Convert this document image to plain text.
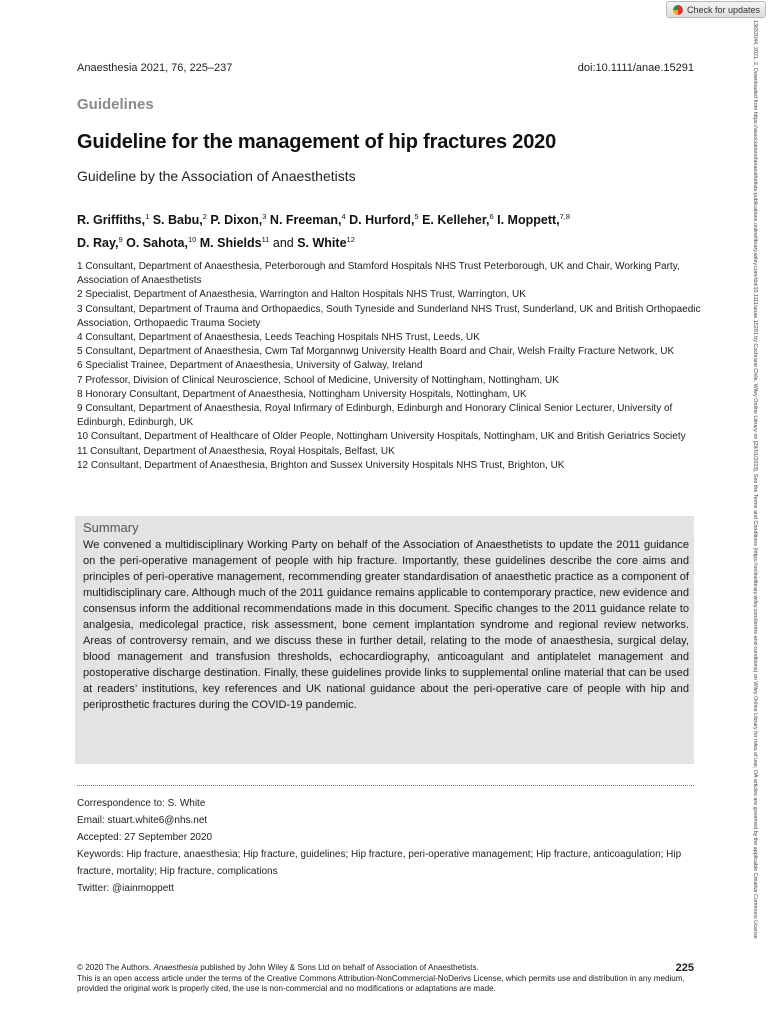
Check for updates
13652044, 2021, 2, Downloaded from https://associationofanaesthetists-publications.onlinelibrary.wiley.com/doi/10.1111/anae.15291 by Cochrane Chile, Wiley Online Library on [29/01/2023]. See the Terms and Conditions (https://onlinelibrary.wiley.com/terms-and-conditions) on Wiley Online Library for rules of use; OA articles are governed by the applicable Creative Commons License
Anaesthesia 2021, 76, 225–237	doi:10.1111/anae.15291
Guidelines
Guideline for the management of hip fractures 2020
Guideline by the Association of Anaesthetists
R. Griffiths,$^1$ S. Babu,$^2$ P. Dixon,$^3$ N. Freeman,$^4$ D. Hurford,$^5$ E. Kelleher,$^6$ I. Moppett,$^{7,8}$
D. Ray,$^9$ O. Sahota,$^{10}$ M. Shields$^{11}$ and S. White$^{12}$
1 Consultant, Department of Anaesthesia, Peterborough and Stamford Hospitals NHS Trust Peterborough, UK and Chair, Working Party, Association of Anaesthetists
2 Specialist, Department of Anaesthesia, Warrington and Halton Hospitals NHS Trust, Warrington, UK
3 Consultant, Department of Trauma and Orthopaedics, South Tyneside and Sunderland NHS Trust, Sunderland, UK and British Orthopaedic Association, Orthopaedic Trauma Society
4 Consultant, Department of Anaesthesia, Leeds Teaching Hospitals NHS Trust, Leeds, UK
5 Consultant, Department of Anaesthesia, Cwm Taf Morgannwg University Health Board and Chair, Welsh Frailty Fracture Network, UK
6 Specialist Trainee, Department of Anaesthesia, University of Galway, Ireland
7 Professor, Division of Clinical Neuroscience, School of Medicine, University of Nottingham, Nottingham, UK
8 Honorary Consultant, Department of Anaesthesia, Nottingham University Hospitals, Nottingham, UK
9 Consultant, Department of Anaesthesia, Royal Infirmary of Edinburgh, Edinburgh and Honorary Clinical Senior Lecturer, University of Edinburgh, Edinburgh, UK
10 Consultant, Department of Healthcare of Older People, Nottingham University Hospitals, Nottingham, UK and British Geriatrics Society
11 Consultant, Department of Anaesthesia, Royal Hospitals, Belfast, UK
12 Consultant, Department of Anaesthesia, Brighton and Sussex University Hospitals NHS Trust, Brighton, UK
Summary
We convened a multidisciplinary Working Party on behalf of the Association of Anaesthetists to update the 2011 guidance on the peri-operative management of people with hip fracture. Importantly, these guidelines describe the core aims and principles of peri-operative management, recommending greater standardisation of anaesthetic practice as a component of multidisciplinary care. Although much of the 2011 guidance remains applicable to contemporary practice, new evidence and consensus inform the additional recommendations made in this document. Specific changes to the 2011 guidance relate to analgesia, medicolegal practice, risk assessment, bone cement implantation syndrome and regional review networks. Areas of controversy remain, and we discuss these in further detail, relating to the mode of anaesthesia, surgical delay, blood management and transfusion thresholds, echocardiography, anticoagulant and antiplatelet management and postoperative discharge destination. Finally, these guidelines provide links to supplemental online material that can be used at readers’ institutions, key references and UK national guidance about the peri-operative care of people with hip and periprosthetic fractures during the COVID-19 pandemic.
Correspondence to: S. White
Email: stuart.white6@nhs.net
Accepted: 27 September 2020
Keywords: Hip fracture, anaesthesia; Hip fracture, guidelines; Hip fracture, peri-operative management; Hip fracture, anticoagulation; Hip fracture, mortality; Hip fracture, complications
Twitter: @iainmoppett
© 2020 The Authors. Anaesthesia published by John Wiley & Sons Ltd on behalf of Association of Anaesthetists.
This is an open access article under the terms of the Creative Commons Attribution-NonCommercial-NoDerivs License, which permits use and distribution in any medium, provided the original work is properly cited, the use is non-commercial and no modifications or adaptations are made.
225
